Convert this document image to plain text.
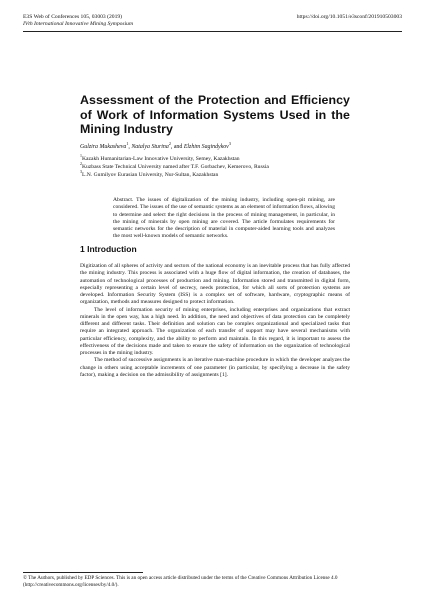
E3S Web of Conferences 105, 03003 (2019)
IVth International Innovative Mining Symposium
https://doi.org/10.1051/e3sconf/201910503003
Assessment of the Protection and Efficiency of Work of Information Systems Used in the Mining Industry
Gulzira Mukasheva$^1$, Natalya Sturina$^2$, and Elzhim Sagindykov$^3$
$^1$Kazakh Humanitarian-Law Innovative University, Semey, Kazakhstan
$^2$Kuzbass State Technical University named after T.F. Gorbachev, Kemerovo, Russia
$^3$L.N. Gumilyov Eurasian University, Nur-Sultan, Kazakhstan
Abstract. The issues of digitalization of the mining industry, including open-pit mining, are considered. The issues of the use of semantic systems as an element of information flows, allowing to determine and select the right decisions in the process of mining management, in particular, in the mining of minerals by open mining are covered. The article formulates requirements for semantic networks for the description of material in computer-aided learning tools and analyzes the most well-known models of semantic networks.
1 Introduction

Digitization of all spheres of activity and sectors of the national economy is an inevitable process that has fully affected the mining industry. This process is associated with a huge flow of digital information, the creation of databases, the automation of technological processes of production and mining. Information stored and transmitted in digital form, especially representing a certain level of secrecy, needs protection, for which all sorts of protection systems are developed. Information Security System (ISS) is a complex set of software, hardware, cryptographic means of organization, methods and measures designed to protect information.

The level of information security of mining enterprises, including enterprises and organizations that extract minerals in the open way, has a high need. In addition, the need and objectives of data protection can be completely different and different tasks. Their definition and solution can be complex organizational and specialized tasks that require an integrated approach. The organization of each transfer of support may have several mechanisms with particular efficiency, complexity, and the ability to perform and maintain. In this regard, it is important to assess the effectiveness of the decisions made and taken to ensure the safety of information on the organization of technological processes in the mining industry.

The method of successive assignments is an iterative man-machine procedure in which the developer analyzes the change in others using acceptable increments of one parameter (in particular, by specifying a decrease in the safety factor), making a decision on the admissibility of assignments [1].

© The Authors, published by EDP Sciences. This is an open access article distributed under the terms of the Creative Commons Attribution License 4.0 (http://creativecommons.org/licenses/by/4.0/).
